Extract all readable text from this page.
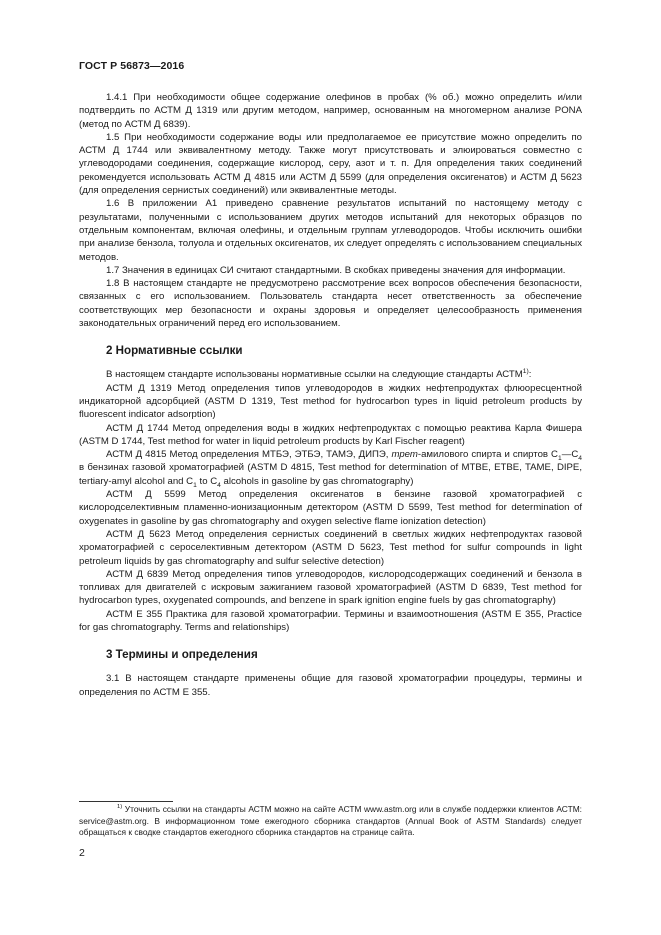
ГОСТ Р 56873—2016

1.4.1 При необходимости общее содержание олефинов в пробах (% об.) можно определить и/или подтвердить по АСТМ Д 1319 или другим методом, например, основанным на многомерном анализе PONA (метод по АСТМ Д 6839).

1.5 При необходимости содержание воды или предполагаемое ее присутствие можно определить по АСТМ Д 1744 или эквивалентному методу. Также могут присутствовать и элюироваться совместно с углеводородами соединения, содержащие кислород, серу, азот и т. п. Для определения таких соединений рекомендуется использовать АСТМ Д 4815 или АСТМ Д 5599 (для определения оксигенатов) и АСТМ Д 5623 (для определения сернистых соединений) или эквивалентные методы.

1.6 В приложении А1 приведено сравнение результатов испытаний по настоящему методу с результатами, полученными с использованием других методов испытаний для некоторых образцов по отдельным компонентам, включая олефины, и отдельным группам углеводородов. Чтобы исключить ошибки при анализе бензола, толуола и отдельных оксигенатов, их следует определять с использованием специальных методов.

1.7 Значения в единицах СИ считают стандартными. В скобках приведены значения для информации.

1.8 В настоящем стандарте не предусмотрено рассмотрение всех вопросов обеспечения безопасности, связанных с его использованием. Пользователь стандарта несет ответственность за обеспечение соответствующих мер безопасности и охраны здоровья и определяет целесообразность применения законодательных ограничений перед его использованием.

2 Нормативные ссылки

В настоящем стандарте использованы нормативные ссылки на следующие стандарты АСТМ$^{1)}$:

АСТМ Д 1319 Метод определения типов углеводородов в жидких нефтепродуктах флюоресцентной индикаторной адсорбцией (ASTM D 1319, Test method for hydrocarbon types in liquid petroleum products by fluorescent indicator adsorption)

АСТМ Д 1744 Метод определения воды в жидких нефтепродуктах с помощью реактива Карла Фишера (ASTM D 1744, Test method for water in liquid petroleum products by Karl Fischer reagent)

АСТМ Д 4815 Метод определения МТБЭ, ЭТБЭ, ТАМЭ, ДИПЭ, трет-амилового спирта и спиртов $С_1—С_4$ в бензинах газовой хроматографией (ASTM D 4815, Test method for determination of MTBE, ETBE, TAME, DIPE, tertiary-amyl alcohol and $C_1$ to $C_4$ alcohols in gasoline by gas chromatography)

АСТМ Д 5599 Метод определения оксигенатов в бензине газовой хроматографией с кислородселективным пламенно-ионизационным детектором (ASTM D 5599, Test method for determination of oxygenates in gasoline by gas chromatography and oxygen selective flame ionization detection)

АСТМ Д 5623 Метод определения сернистых соединений в светлых жидких нефтепродуктах газовой хроматографией с сероселективным детектором (ASTM D 5623, Test method for sulfur compounds in light petroleum liquids by gas chromatography and sulfur selective detection)

АСТМ Д 6839 Метод определения типов углеводородов, кислородсодержащих соединений и бензола в топливах для двигателей с искровым зажиганием газовой хроматографией (ASTM D 6839, Test method for hydrocarbon types, oxygenated compounds, and benzene in spark ignition engine fuels by gas chromatography)

АСТМ Е 355 Практика для газовой хроматографии. Термины и взаимоотношения (ASTM E 355, Practice for gas chromatography. Terms and relationships)

3 Термины и определения

3.1 В настоящем стандарте применены общие для газовой хроматографии процедуры, термины и определения по АСТМ Е 355.

$^{1)}$ Уточнить ссылки на стандарты АСТМ можно на сайте АСТМ www.astm.org или в службе поддержки клиентов АСТМ: service@astm.org. В информационном томе ежегодного сборника стандартов (Annual Book of ASTM Standards) следует обращаться к сводке стандартов ежегодного сборника стандартов на странице сайта.

2
